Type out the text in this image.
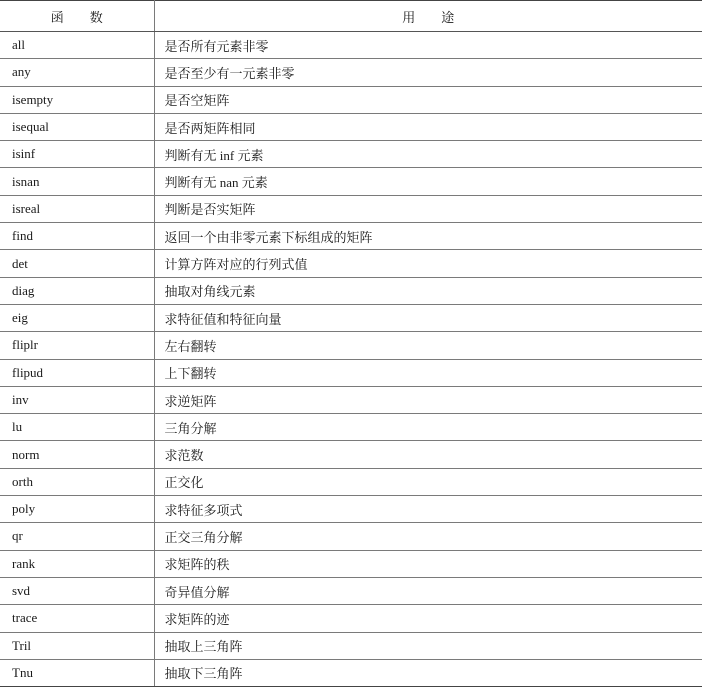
函　　数	用　　途
all	是否所有元素非零
any	是否至少有一元素非零
isempty	是否空矩阵
isequal	是否两矩阵相同
isinf	判断有无 inf 元素
isnan	判断有无 nan 元素
isreal	判断是否实矩阵
find	返回一个由非零元素下标组成的矩阵
det	计算方阵对应的行列式值
diag	抽取对角线元素
eig	求特征值和特征向量
fliplr	左右翻转
flipud	上下翻转
inv	求逆矩阵
lu	三角分解
norm	求范数
orth	正交化
poly	求特征多项式
qr	正交三角分解
rank	求矩阵的秩
svd	奇异值分解
trace	求矩阵的迹
Tril	抽取上三角阵
Tnu	抽取下三角阵
